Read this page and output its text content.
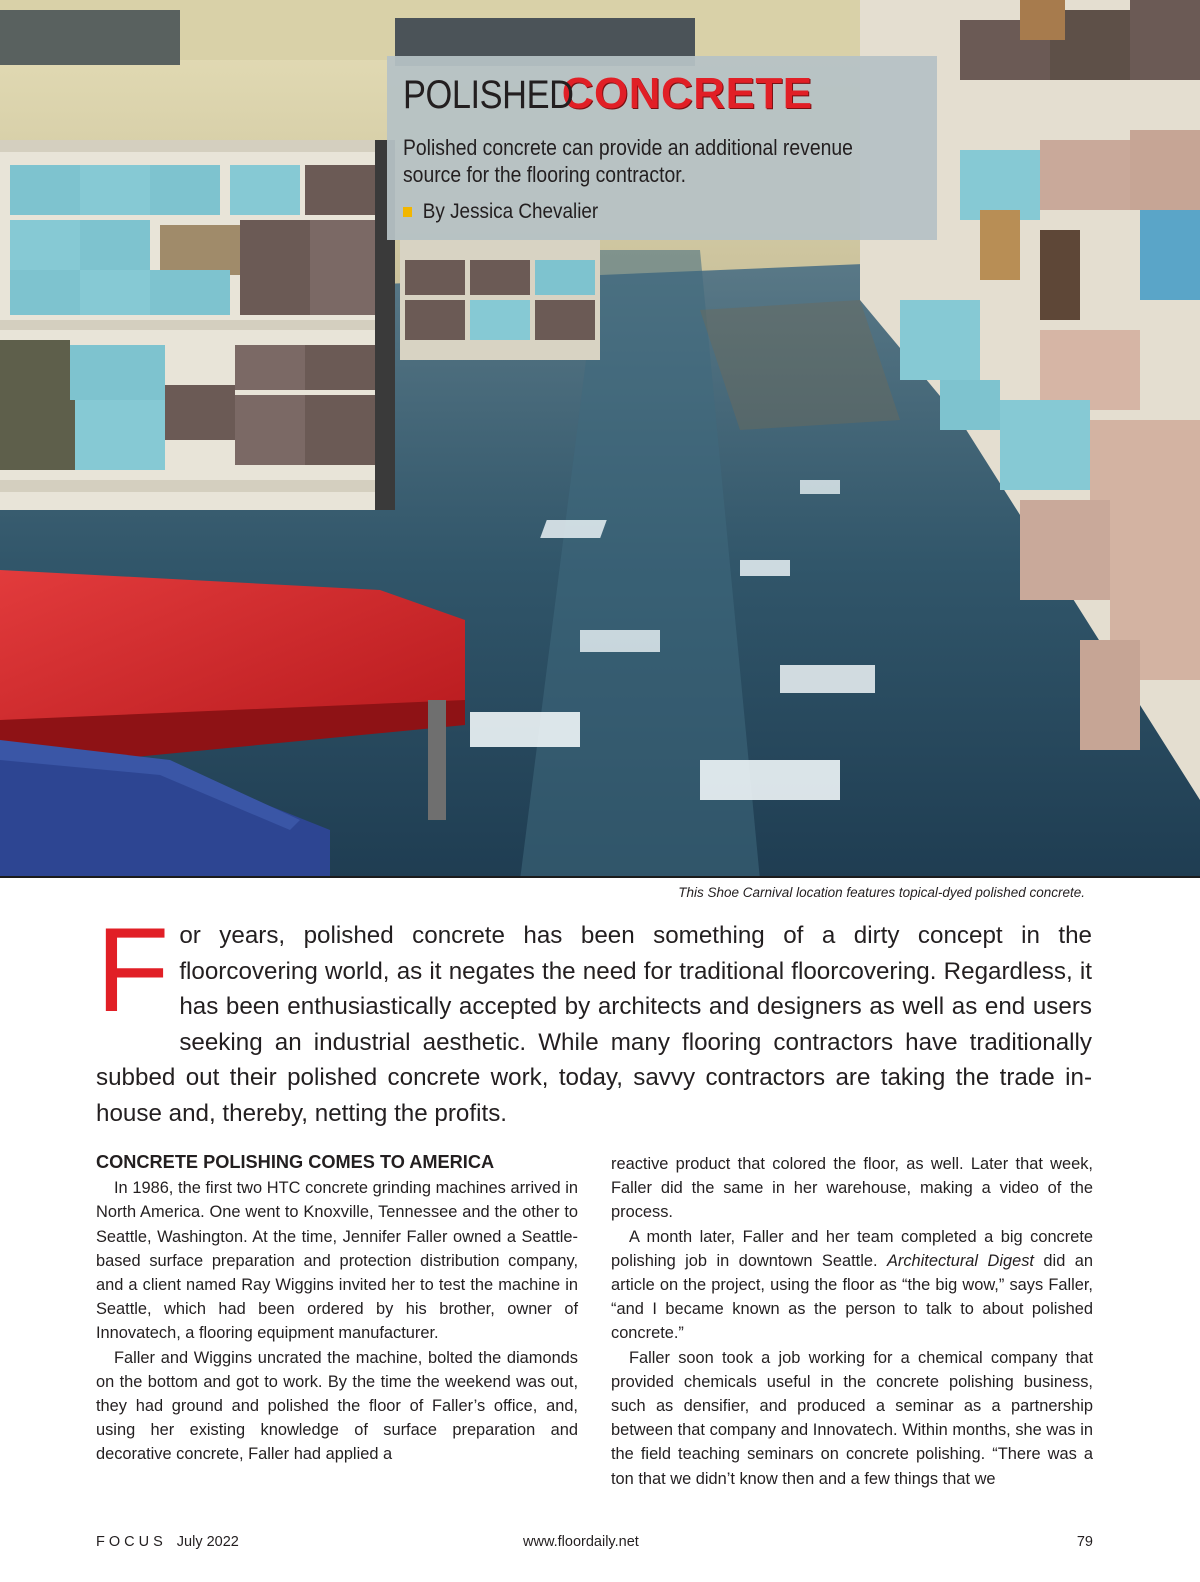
POLISHED CONCRETE
Polished concrete can provide an additional revenue source for the flooring contractor.
By Jessica Chevalier
This Shoe Carnival location features topical-dyed polished concrete.
F or years, polished concrete has been something of a dirty concept in the floorcovering world, as it negates the need for traditional floorcovering. Regardless, it has been enthusiastically accepted by architects and designers as well as end users seeking an industrial aesthetic. While many flooring contractors have traditionally subbed out their polished concrete work, today, savvy contractors are taking the trade in-house and, thereby, netting the profits.
CONCRETE POLISHING COMES TO AMERICA

In 1986, the first two HTC concrete grinding machines arrived in North America. One went to Knoxville, Tennessee and the other to Seattle, Washington. At the time, Jennifer Faller owned a Seattle-based surface preparation and protection distribution company, and a client named Ray Wiggins invited her to test the machine in Seattle, which had been ordered by his brother, owner of Innovatech, a flooring equipment manufacturer.

Faller and Wiggins uncrated the machine, bolted the diamonds on the bottom and got to work. By the time the weekend was out, they had ground and polished the floor of Faller’s office, and, using her existing knowledge of surface preparation and decorative concrete, Faller had applied a

reactive product that colored the floor, as well. Later that week, Faller did the same in her warehouse, making a video of the process.

A month later, Faller and her team completed a big concrete polishing job in downtown Seattle. Architectural Digest did an article on the project, using the floor as “the big wow,” says Faller, “and I became known as the person to talk to about polished concrete.”

Faller soon took a job working for a chemical company that provided chemicals useful in the concrete polishing business, such as densifier, and produced a seminar as a partnership between that company and Innovatech. Within months, she was in the field teaching seminars on concrete polishing. “There was a ton that we didn’t know then and a few things that we

FOCUS July 2022	www.floordaily.net	79
